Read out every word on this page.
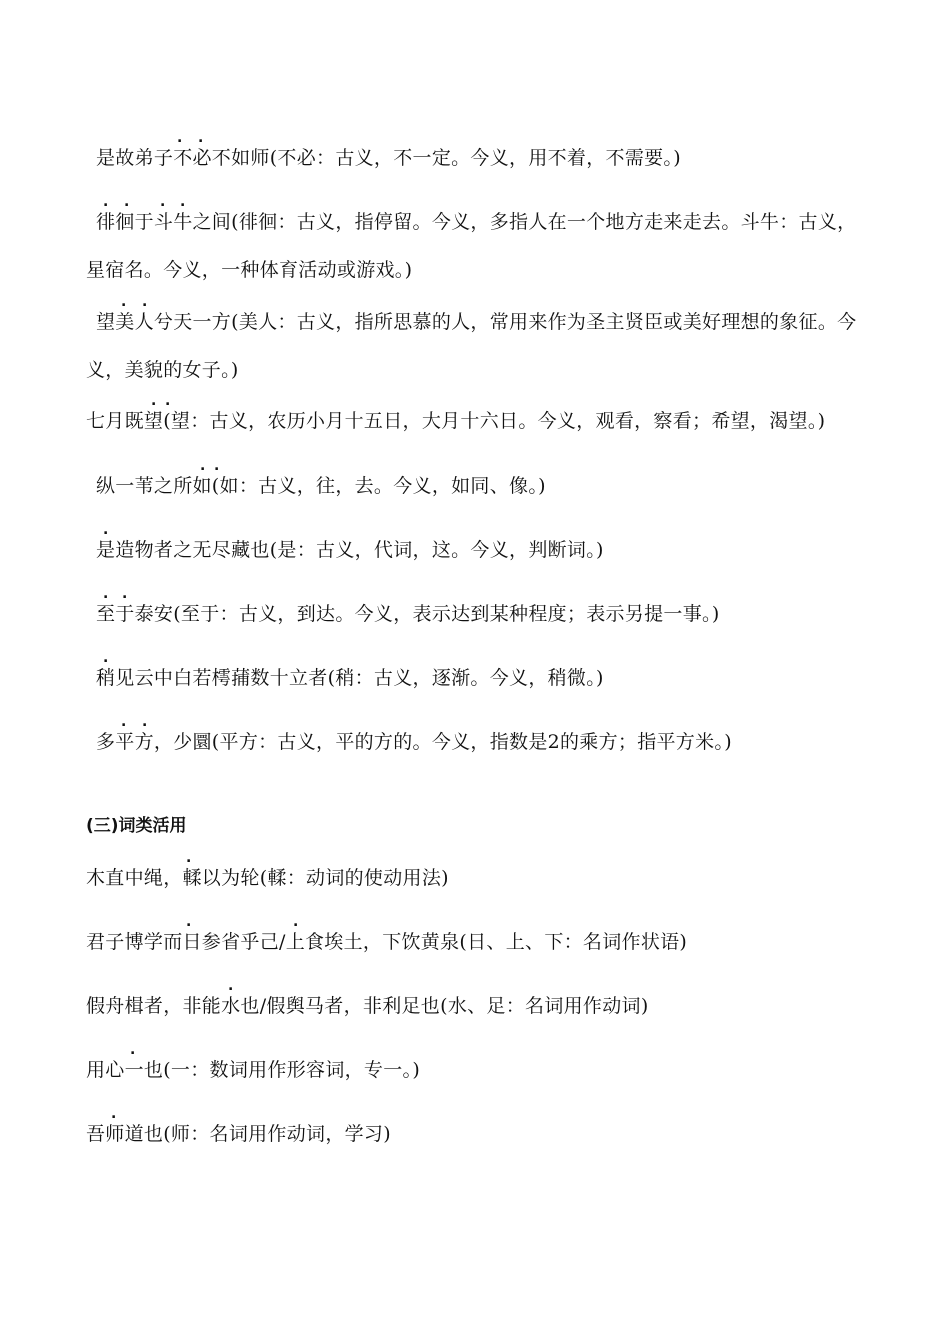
是故弟子不必不如师(不必：古义，不一定。今义，用不着，不需要。)
. .
徘徊于斗牛之间(徘徊：古义，指停留。今义，多指人在一个地方走来走去。斗牛：古义，
. . . .
星宿名。今义，一种体育活动或游戏。)
望美人兮天一方(美人：古义，指所思慕的人，常用来作为圣主贤臣或美好理想的象征。今
. .
义，美貌的女子。)
七月既望(望：古义，农历小月十五日，大月十六日。今义，观看，察看；希望，渴望。)
. .
纵一苇之所如(如：古义，往，去。今义，如同、像。)
. .
是造物者之无尽藏也(是：古义，代词，这。今义，判断词。)
.
至于泰安(至于：古义，到达。今义，表示达到某种程度；表示另提一事。)
. .
稍见云中白若樗蒱数十立者(稍：古义，逐渐。今义，稍微。)
.
多平方，少圜(平方：古义，平的方的。今义，指数是2的乘方；指平方米。)
. .
(三)词类活用
木直中绳，輮以为轮(輮：动词的使动用法)
.
君子博学而日参省乎己/上食埃土，下饮黄泉(日、上、下：名词作状语)
.	.
假舟楫者，非能水也/假舆马者，非利足也(水、足：名词用作动词)
.
用心一也(一：数词用作形容词，专一。)
.
吾师道也(师：名词用作动词，学习)
.
